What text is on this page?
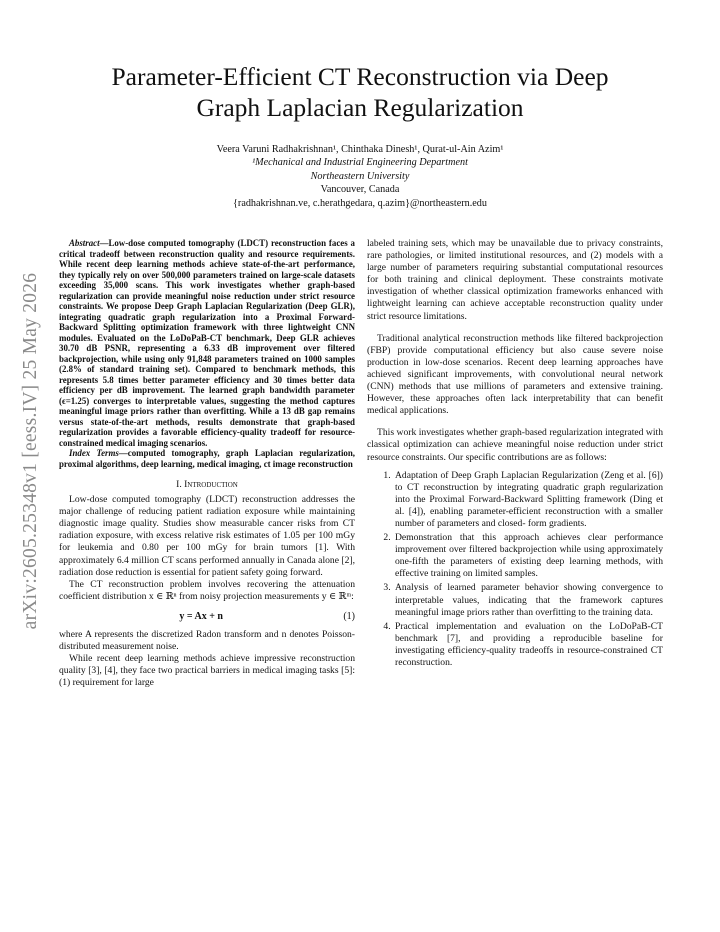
arXiv:2605.25348v1 [eess.IV] 25 May 2026
Parameter-Efficient CT Reconstruction via Deep
Graph Laplacian Regularization
Veera Varuni Radhakrishnan¹, Chinthaka Dinesh¹, Qurat-ul-Ain Azim¹
¹Mechanical and Industrial Engineering Department
Northeastern University
Vancouver, Canada
{radhakrishnan.ve, c.herathgedara, q.azim}@northeastern.edu

Abstract—Low-dose computed tomography (LDCT) reconstruction faces a critical tradeoff between reconstruction quality and resource requirements. While recent deep learning methods achieve state-of-the-art performance, they typically rely on over 500,000 parameters trained on large-scale datasets exceeding 35,000 scans. This work investigates whether graph-based regularization can provide meaningful noise reduction under strict resource constraints. We propose Deep Graph Laplacian Regularization (Deep GLR), integrating quadratic graph regularization into a Proximal Forward-Backward Splitting optimization framework with three lightweight CNN modules. Evaluated on the LoDoPaB-CT benchmark, Deep GLR achieves 30.70 dB PSNR, representing a 6.33 dB improvement over filtered backprojection, while using only 91,848 parameters trained on 1000 samples (2.8% of standard training set). Compared to benchmark methods, this represents 5.8 times better parameter efficiency and 30 times better data efficiency per dB improvement. The learned graph bandwidth parameter (ϵ=1.25) converges to interpretable values, suggesting the method captures meaningful image priors rather than overfitting. While a 13 dB gap remains versus state-of-the-art methods, results demonstrate that graph-based regularization provides a favorable efficiency-quality tradeoff for resource-constrained medical imaging scenarios.

Index Terms—computed tomography, graph Laplacian regularization, proximal algorithms, deep learning, medical imaging, ct image reconstruction

I. Introduction

Low-dose computed tomography (LDCT) reconstruction addresses the major challenge of reducing patient radiation exposure while maintaining diagnostic image quality. Studies show measurable cancer risks from CT radiation exposure, with excess relative risk estimates of 1.05 per 100 mGy for leukemia and 0.80 per 100 mGy for brain tumors [1]. With approximately 6.4 million CT scans performed annually in Canada alone [2], radiation dose reduction is essential for patient safety going forward.

The CT reconstruction problem involves recovering the attenuation coefficient distribution x ∈ ℝⁿ from noisy projection measurements y ∈ ℝᵐ:

y = Ax + n	(1)

where A represents the discretized Radon transform and n denotes Poisson-distributed measurement noise.

While recent deep learning methods achieve impressive reconstruction quality [3], [4], they face two practical barriers in medical imaging tasks [5]: (1) requirement for large

labeled training sets, which may be unavailable due to privacy constraints, rare pathologies, or limited institutional resources, and (2) models with a large number of parameters requiring substantial computational resources for both training and clinical deployment. These constraints motivate investigation of whether classical optimization frameworks enhanced with lightweight learning can achieve acceptable reconstruction quality under strict resource limitations.

Traditional analytical reconstruction methods like filtered backprojection (FBP) provide computational efficiency but also cause severe noise production in low-dose scenarios. Recent deep learning approaches have achieved significant improvements, with convolutional neural network (CNN) methods that use millions of parameters and extensive training. However, these approaches often lack interpretability that can benefit medical applications.

This work investigates whether graph-based regularization integrated with classical optimization can achieve meaningful noise reduction under strict resource constraints. Our specific contributions are as follows:

1. Adaptation of Deep Graph Laplacian Regularization (Zeng et al. [6]) to CT reconstruction by integrating quadratic graph regularization into the Proximal Forward-Backward Splitting framework (Ding et al. [4]), enabling parameter-efficient reconstruction with a smaller number of parameters and closed- form gradients.
2. Demonstration that this approach achieves clear performance improvement over filtered backprojection while using approximately one-fifth the parameters of existing deep learning methods, with effective training on limited samples.
3. Analysis of learned parameter behavior showing convergence to interpretable values, indicating that the framework captures meaningful image priors rather than overfitting to the training data.
4. Practical implementation and evaluation on the LoDoPaB-CT benchmark [7], and providing a reproducible baseline for investigating efficiency-quality tradeoffs in resource-constrained CT reconstruction.
